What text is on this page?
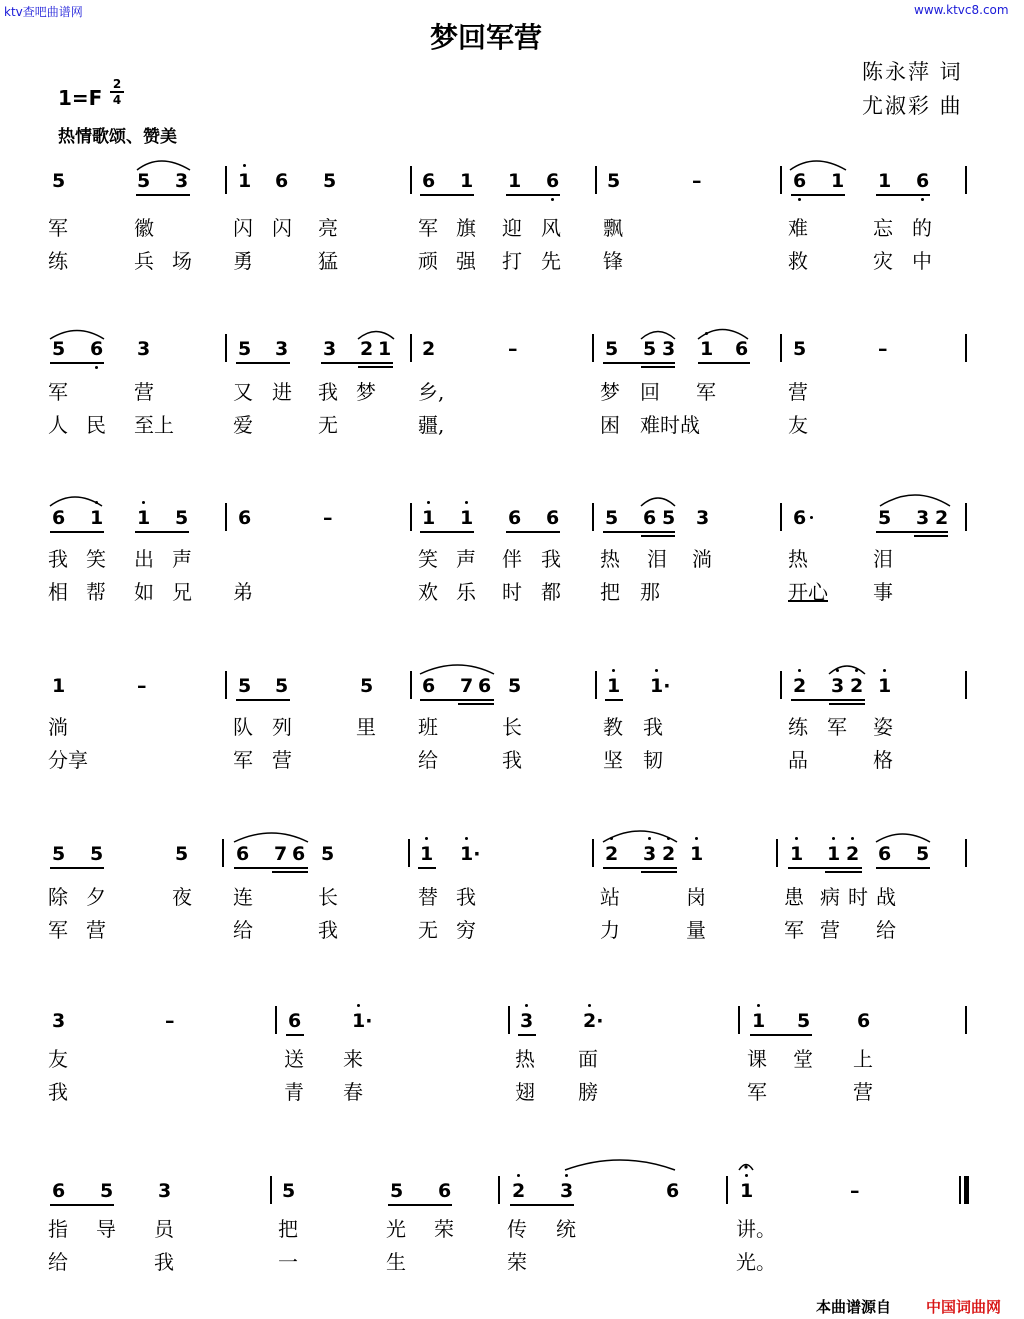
ktv查吧曲谱网	www.ktvc8.com
梦回军营
陈永萍 词
尤淑彩 曲
1=F
2
4
热情歌颂、赞美
5	5 3	1 6 5	6 1 1 6	5	–	6 1 1 6
军	徽	闪 闪 亮	军 旗 迎 风 飘	难	忘 的
练	兵 场 勇	猛	顽 强 打 先 锋	救	灾 中
5 6 3	5 3 3 2 1 2	–	5 5 3 1 6 5	–
军	营	又 进 我 梦 乡,	梦 回 军	营
人 民 至上	爱	无	疆,	困 难时战	友
6 1 1 5	6	–	1 1 6 6 5 6 5 3	6	5 3 2
我 笑 出 声	笑 声 伴 我 热 泪 淌	热	泪
相 帮 如 兄 弟	欢 乐 时 都 把 那	开心 事
1	–	5 5	5	6 7 6 5	1 1·	2 3 2 1
淌	队 列	里 班	长	教 我	练 军 姿
分享	军 营	给	我	坚 韧	品	格
5 5	5	6 7 6 5	1 1·	2 3 2 1	1 1 2 6 5
除 夕	夜 连	长	替 我	站	岗	患 病 时 战
军 营	给	我	无 穷	力	量	军 营 给
3	–	6	1·	3	2·	1 5 6
友	送 来	热 面	课 堂 上
我	青 春	翅 膀	军	营
6 5 3	5	5 6	2 3	6	1	–
指 导 员	把	光 荣	传 统	讲。
给	我	一	生	荣	光。
本曲谱源自 中国词曲网
